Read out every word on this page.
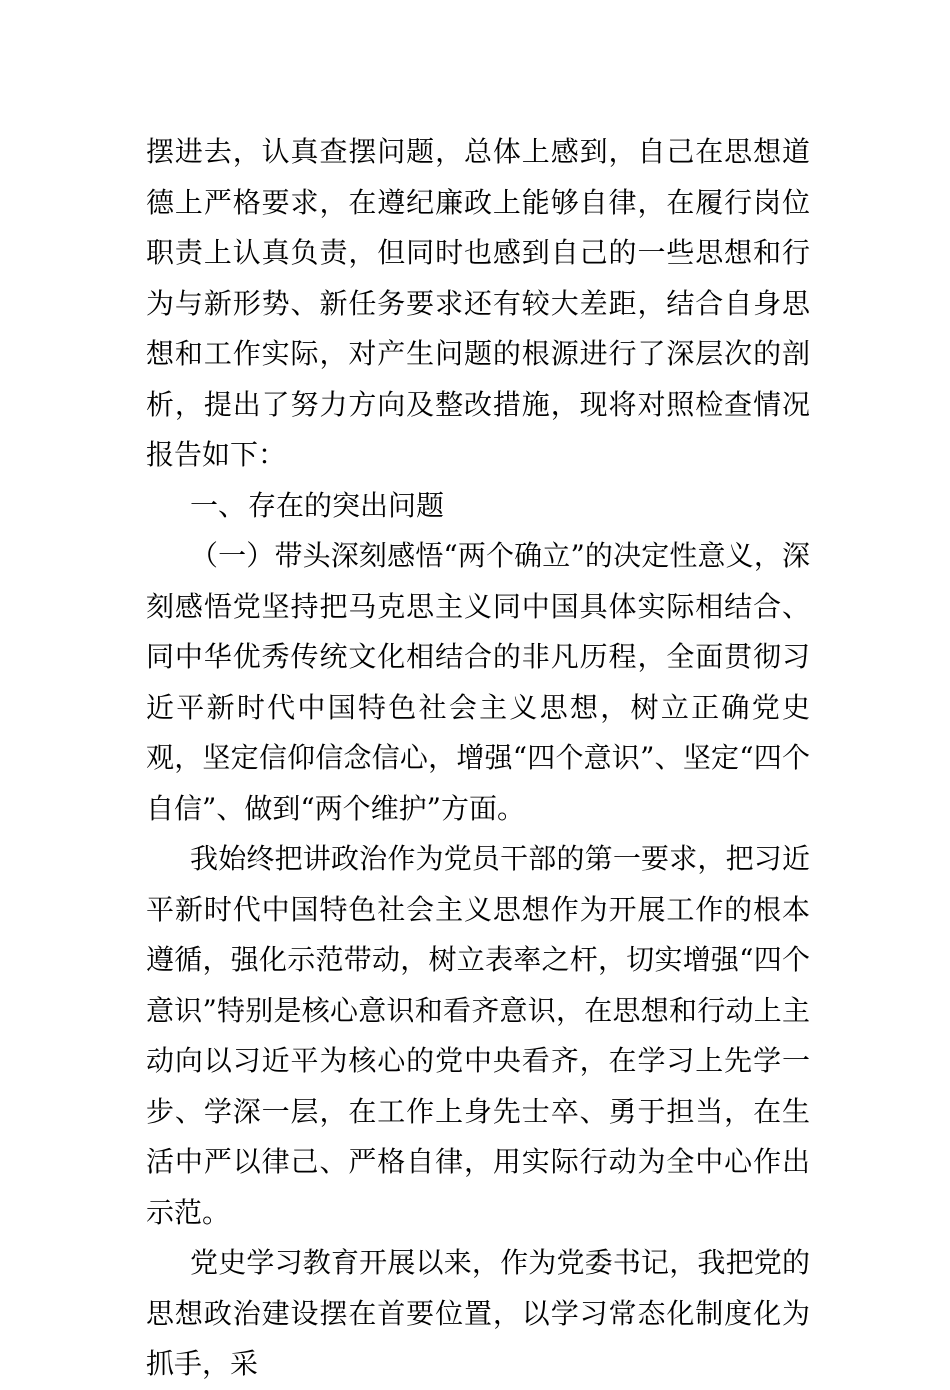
摆进去，认真查摆问题，总体上感到，自己在思想道德上严格要求，在遵纪廉政上能够自律，在履行岗位职责上认真负责，但同时也感到自己的一些思想和行为与新形势、新任务要求还有较大差距，结合自身思想和工作实际，对产生问题的根源进行了深层次的剖析，提出了努力方向及整改措施，现将对照检查情况报告如下：

一、存在的突出问题

（一）带头深刻感悟“两个确立”的决定性意义，深刻感悟党坚持把马克思主义同中国具体实际相结合、同中华优秀传统文化相结合的非凡历程，全面贯彻习近平新时代中国特色社会主义思想，树立正确党史观，坚定信仰信念信心，增强“四个意识”、坚定“四个自信”、做到“两个维护”方面。

我始终把讲政治作为党员干部的第一要求，把习近平新时代中国特色社会主义思想作为开展工作的根本遵循，强化示范带动，树立表率之杆，切实增强“四个意识”特别是核心意识和看齐意识，在思想和行动上主动向以习近平为核心的党中央看齐，在学习上先学一步、学深一层，在工作上身先士卒、勇于担当，在生活中严以律己、严格自律，用实际行动为全中心作出示范。

党史学习教育开展以来，作为党委书记，我把党的思想政治建设摆在首要位置，以学习常态化制度化为抓手，采
